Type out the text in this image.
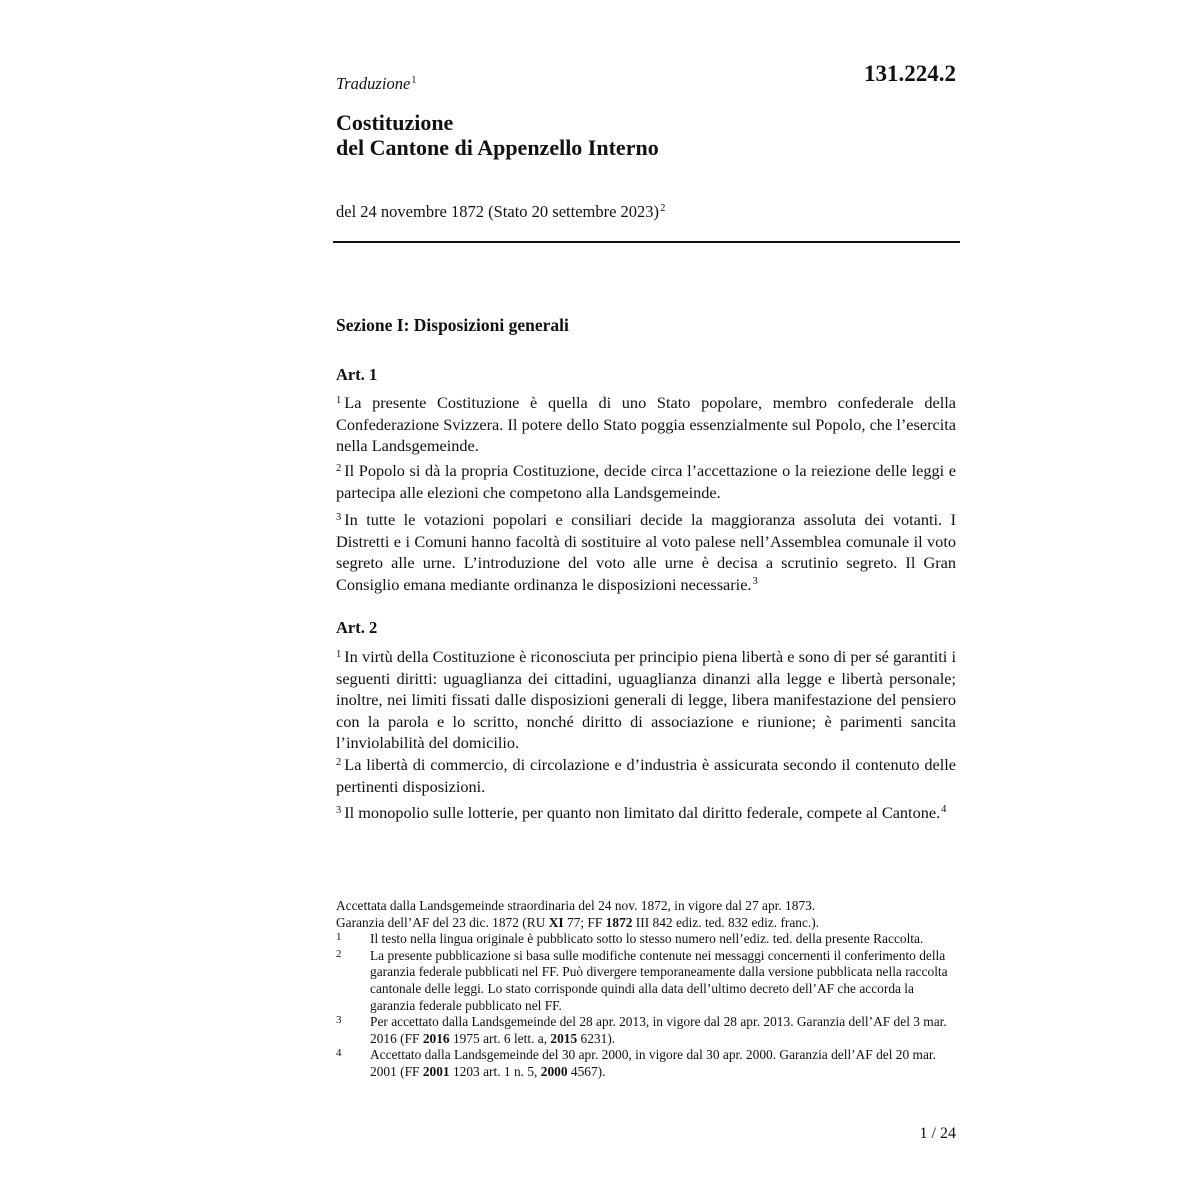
131.224.2
Traduzione$^1$
Costituzione
del Cantone di Appenzello Interno
del 24 novembre 1872 (Stato 20 settembre 2023)$^2$
Sezione I: Disposizioni generali
Art. 1
$^1$ La presente Costituzione è quella di uno Stato popolare, membro confederale della Confederazione Svizzera. Il potere dello Stato poggia essenzialmente sul Popolo, che l’esercita nella Landsgemeinde.
$^2$ Il Popolo si dà la propria Costituzione, decide circa l’accettazione o la reiezione delle leggi e partecipa alle elezioni che competono alla Landsgemeinde.
$^3$ In tutte le votazioni popolari e consiliari decide la maggioranza assoluta dei votanti. I Distretti e i Comuni hanno facoltà di sostituire al voto palese nell’Assemblea comunale il voto segreto alle urne. L’introduzione del voto alle urne è decisa a scrutinio segreto. Il Gran Consiglio emana mediante ordinanza le disposizioni necessarie.$^3$
Art. 2
$^1$ In virtù della Costituzione è riconosciuta per principio piena libertà e sono di per sé garantiti i seguenti diritti: uguaglianza dei cittadini, uguaglianza dinanzi alla legge e libertà personale; inoltre, nei limiti fissati dalle disposizioni generali di legge, libera manifestazione del pensiero con la parola e lo scritto, nonché diritto di associazione e riunione; è parimenti sancita l’inviolabilità del domicilio.
$^2$ La libertà di commercio, di circolazione e d’industria è assicurata secondo il contenuto delle pertinenti disposizioni.
$^3$ Il monopolio sulle lotterie, per quanto non limitato dal diritto federale, compete al Cantone.$^4$
Accettata dalla Landsgemeinde straordinaria del 24 nov. 1872, in vigore dal 27 apr. 1873.
Garanzia dell’AF del 23 dic. 1872 (RU XI 77; FF 1872 III 842 ediz. ted. 832 ediz. franc.).
1	Il testo nella lingua originale è pubblicato sotto lo stesso numero nell’ediz. ted. della presente Raccolta.
2	La presente pubblicazione si basa sulle modifiche contenute nei messaggi concernenti il conferimento della garanzia federale pubblicati nel FF. Può divergere temporaneamente dalla versione pubblicata nella raccolta cantonale delle leggi. Lo stato corrisponde quindi alla data dell’ultimo decreto dell’AF che accorda la garanzia federale pubblicato nel FF.
3	Per accettato dalla Landsgemeinde del 28 apr. 2013, in vigore dal 28 apr. 2013. Garanzia dell’AF del 3 mar. 2016 (FF 2016 1975 art. 6 lett. a, 2015 6231).
4	Accettato dalla Landsgemeinde del 30 apr. 2000, in vigore dal 30 apr. 2000. Garanzia dell’AF del 20 mar. 2001 (FF 2001 1203 art. 1 n. 5, 2000 4567).
1 / 24
